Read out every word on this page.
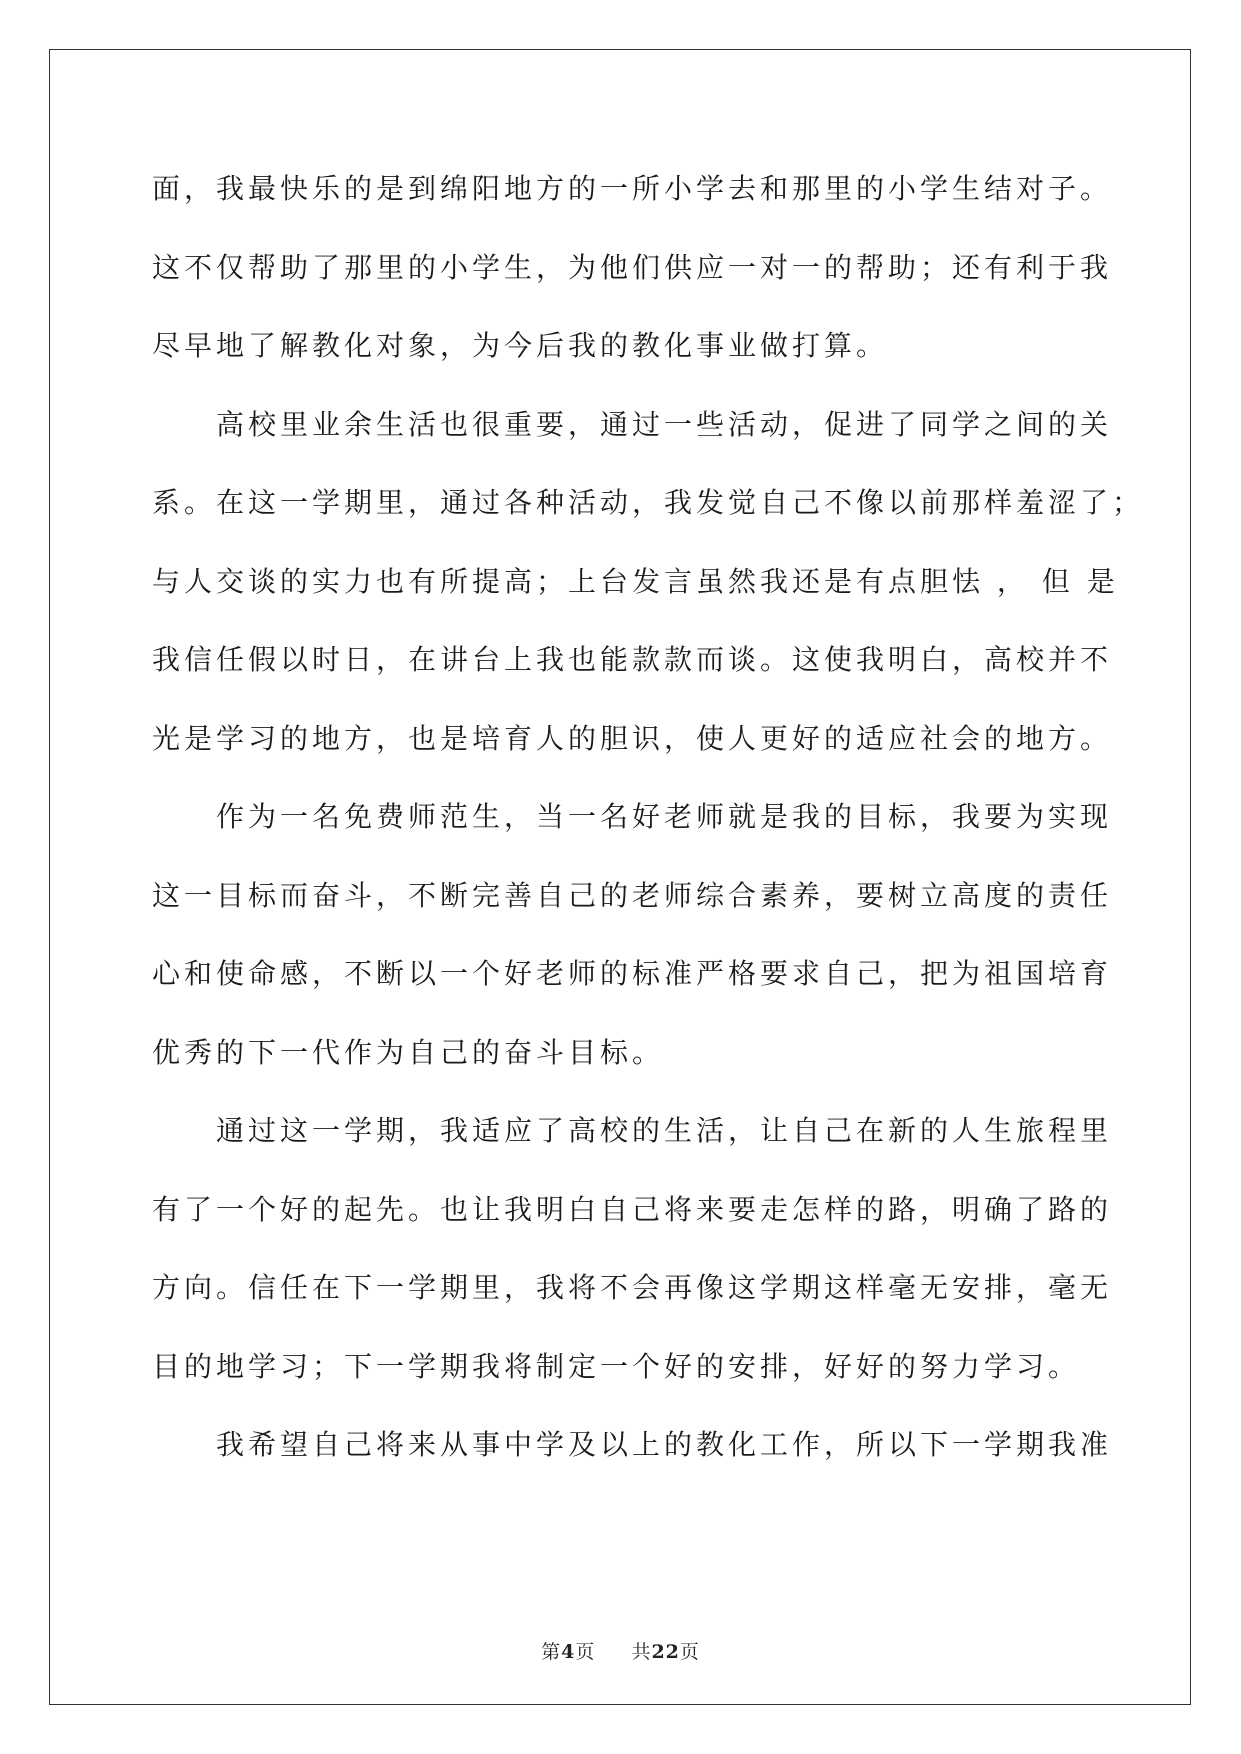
面，我最快乐的是到绵阳地方的一所小学去和那里的小学生结对子。
这不仅帮助了那里的小学生，为他们供应一对一的帮助；还有利于我
尽早地了解教化对象，为今后我的教化事业做打算。
高校里业余生活也很重要，通过一些活动，促进了同学之间的关
系。在这一学期里，通过各种活动，我发觉自己不像以前那样羞涩了；
与人交谈的实力也有所提高；上台发言虽然我还是有点胆怯 ， 但 是
我信任假以时日，在讲台上我也能款款而谈。这使我明白，高校并不
光是学习的地方，也是培育人的胆识，使人更好的适应社会的地方。
作为一名免费师范生，当一名好老师就是我的目标，我要为实现
这一目标而奋斗，不断完善自己的老师综合素养，要树立高度的责任
心和使命感，不断以一个好老师的标准严格要求自己，把为祖国培育
优秀的下一代作为自己的奋斗目标。
通过这一学期，我适应了高校的生活，让自己在新的人生旅程里
有了一个好的起先。也让我明白自己将来要走怎样的路，明确了路的
方向。信任在下一学期里，我将不会再像这学期这样毫无安排，毫无
目的地学习；下一学期我将制定一个好的安排，好好的努力学习。
我希望自己将来从事中学及以上的教化工作，所以下一学期我准
第4页 共22页
